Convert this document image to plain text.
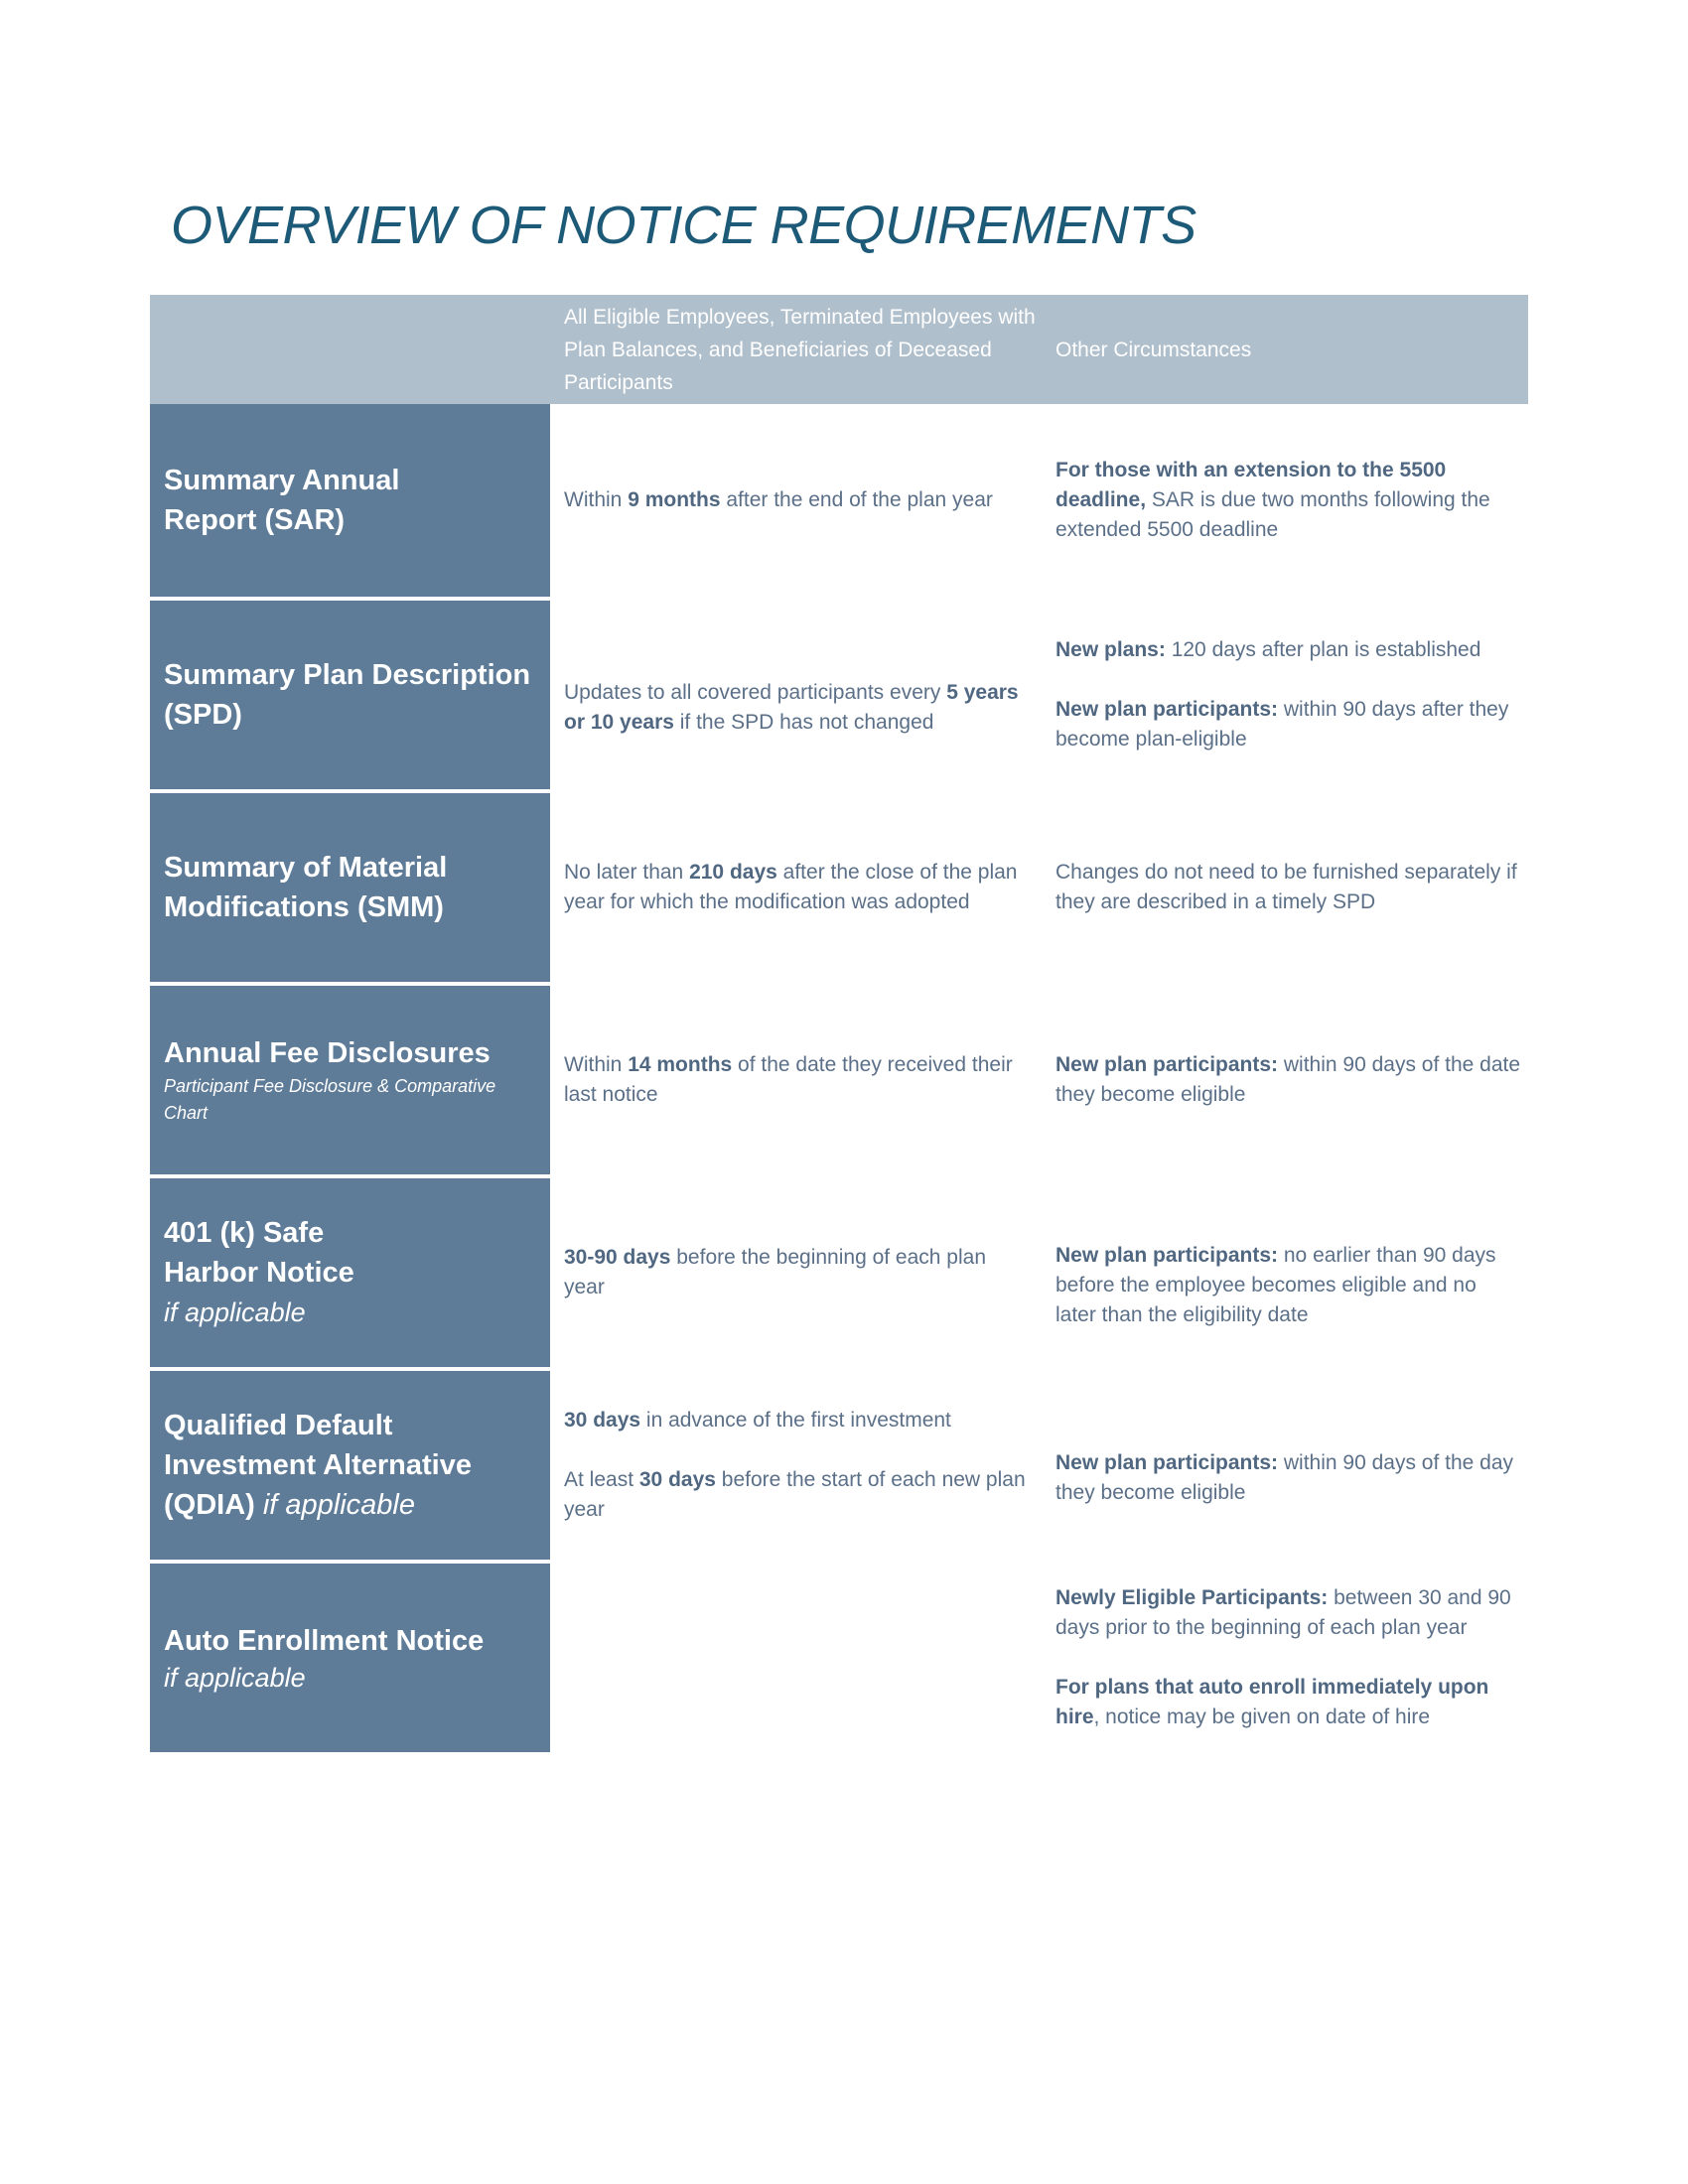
OVERVIEW OF NOTICE REQUIREMENTS
All Eligible Employees, Terminated Employees with Plan Balances, and Beneficiaries of Deceased Participants
Other Circumstances
Summary Annual Report (SAR)

Within 9 months after the end of the plan year

For those with an extension to the 5500 deadline, SAR is due two months following the extended 5500 deadline

Summary Plan Description (SPD)

Updates to all covered participants every 5 years or 10 years if the SPD has not changed

New plans: 120 days after plan is established

New plan participants: within 90 days after they become plan-eligible

Summary of Material Modifications (SMM)

No later than 210 days after the close of the plan year for which the modification was adopted

Changes do not need to be furnished separately if they are described in a timely SPD

Annual Fee Disclosures
Participant Fee Disclosure & Comparative Chart

Within 14 months of the date they received their last notice

New plan participants: within 90 days of the date they become eligible

401 (k) Safe
Harbor Notice
if applicable

30-90 days before the beginning of each plan year

New plan participants: no earlier than 90 days before the employee becomes eligible and no later than the eligibility date

Qualified Default
Investment Alternative
(QDIA) if applicable

30 days in advance of the first investment

At least 30 days before the start of each new plan year

New plan participants: within 90 days of the day they become eligible

Auto Enrollment Notice
if applicable

Newly Eligible Participants: between 30 and 90 days prior to the beginning of each plan year

For plans that auto enroll immediately upon hire, notice may be given on date of hire
